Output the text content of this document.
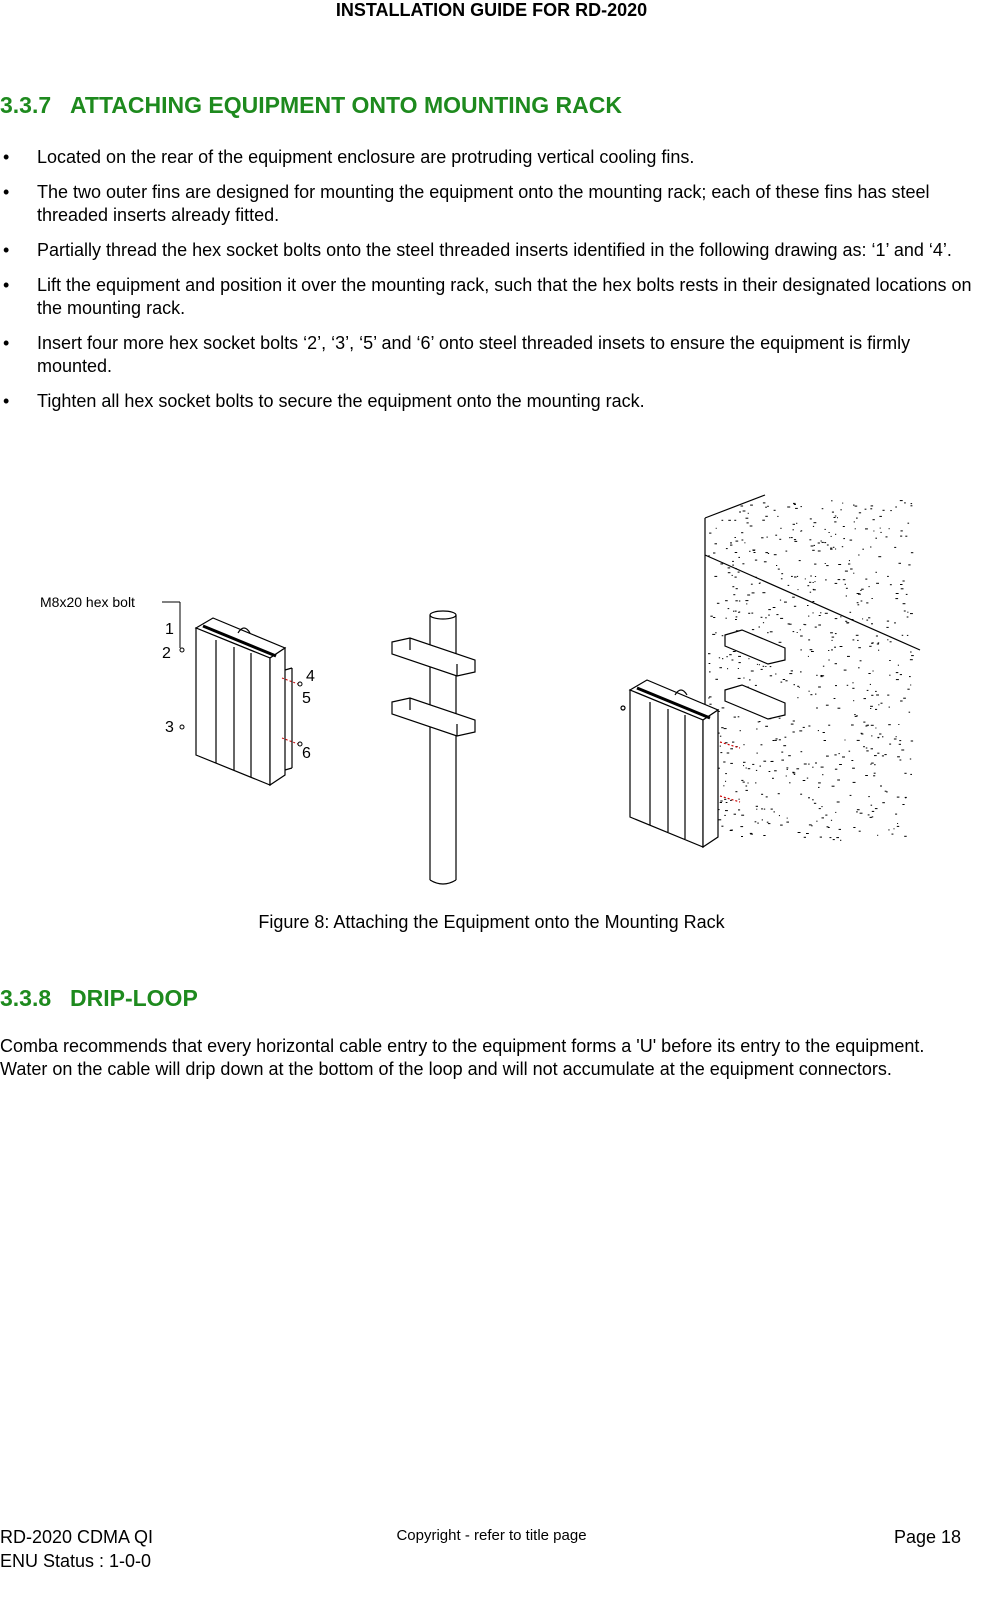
INSTALLATION GUIDE FOR RD-2020
3.3.7 ATTACHING EQUIPMENT ONTO MOUNTING RACK
• Located on the rear of the equipment enclosure are protruding vertical cooling fins.
• The two outer fins are designed for mounting the equipment onto the mounting rack; each of these fins has steel threaded inserts already fitted.
• Partially thread the hex socket bolts onto the steel threaded inserts identified in the following drawing as: ‘1’ and ‘4’.
• Lift the equipment and position it over the mounting rack, such that the hex bolts rests in their designated locations on the mounting rack.
• Insert four more hex socket bolts ‘2’, ‘3’, ‘5’ and ‘6’ onto steel threaded insets to ensure the equipment is firmly mounted.
• Tighten all hex socket bolts to secure the equipment onto the mounting rack.
M8x20 hex bolt
1
2
3
4
5
6
Figure 8: Attaching the Equipment onto the Mounting Rack
3.3.8 DRIP-LOOP
Comba recommends that every horizontal cable entry to the equipment forms a 'U' before its entry to the equipment. Water on the cable will drip down at the bottom of the loop and will not accumulate at the equipment connectors.
RD-2020 CDMA QI
ENU Status : 1-0-0
Copyright - refer to title page	Page 18
